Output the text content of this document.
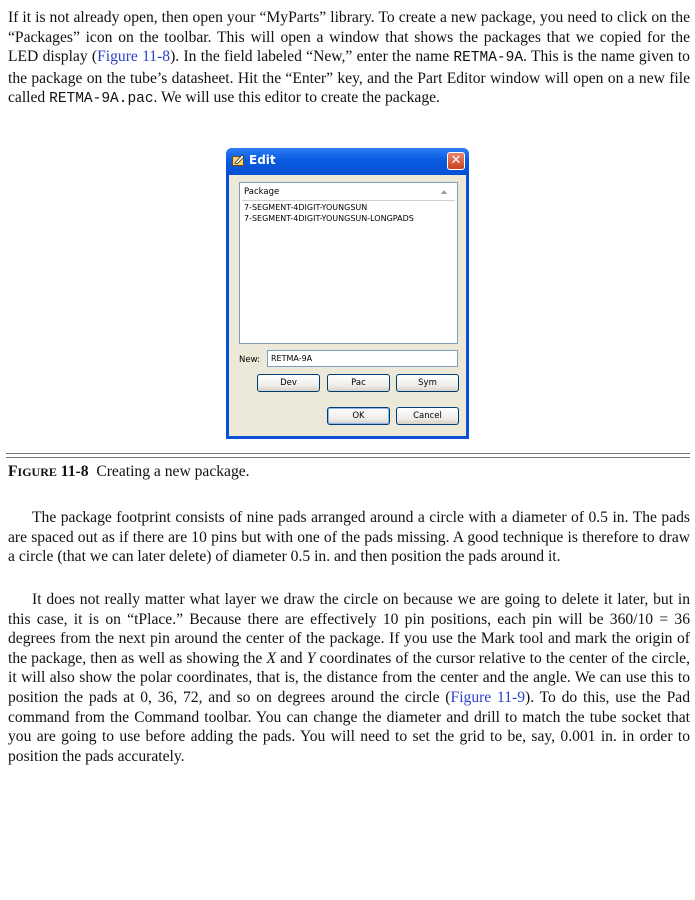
If it is not already open, then open your “MyParts” library. To create a new package, you need to click on the “Packages” icon on the toolbar. This will open a window that shows the packages that we copied for the LED display (Figure 11-8). In the field labeled “New,” enter the name RETMA-9A. This is the name given to the package on the tube’s datasheet. Hit the “Enter” key, and the Part Editor window will open on a new file called RETMA-9A.pac. We will use this editor to create the package.

Edit	✕
Package
7-SEGMENT-4DIGIT-YOUNGSUN
7-SEGMENT-4DIGIT-YOUNGSUN-LONGPADS
New:	RETMA-9A
Dev	Pac	Sym
OK	Cancel
FIGURE 11-8 Creating a new package.

The package footprint consists of nine pads arranged around a circle with a diameter of 0.5 in. The pads are spaced out as if there are 10 pins but with one of the pads missing. A good technique is therefore to draw a circle (that we can later delete) of diameter 0.5 in. and then position the pads around it.

It does not really matter what layer we draw the circle on because we are going to delete it later, but in this case, it is on “tPlace.” Because there are effectively 10 pin positions, each pin will be 360/10 = 36 degrees from the next pin around the center of the package. If you use the Mark tool and mark the origin of the package, then as well as showing the X and Y coordinates of the cursor relative to the center of the circle, it will also show the polar coordinates, that is, the distance from the center and the angle. We can use this to position the pads at 0, 36, 72, and so on degrees around the circle (Figure 11-9). To do this, use the Pad command from the Command toolbar. You can change the diameter and drill to match the tube socket that you are going to use before adding the pads. You will need to set the grid to be, say, 0.001 in. in order to position the pads accurately.
